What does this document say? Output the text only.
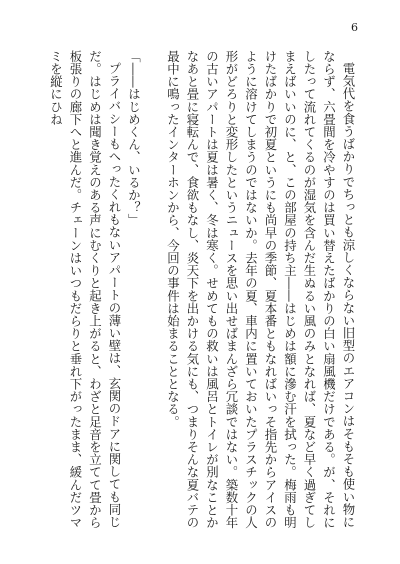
6

電気代を食うばかりでちっとも涼しくならない旧型のエアコンはそもそも使い物にならず、六畳間を冷やすのは買い替えたばかりの白い扇風機だけである。が、それにしたって流れてくるのが湿気を含んだ生ぬるい風のみとなれば、夏など早く過ぎてしまえばいいのに、と、この部屋の持ち主――はじめは額に滲む汗を拭った。梅雨も明けたばかりで初夏というにも尚早の季節、夏本番ともなればいっそ指先からアイスのように溶けてしまうのではないか。去年の夏、車内に置いておいたプラスチックの人形がどろりと変形したというニュースを思い出せばまんざら冗談ではない。築数十年の古いアパートは夏は暑く、冬は寒く。せめてもの救いは風呂とトイレが別なことかなあと畳に寝転んで、食欲もなし、炎天下を出かける気にも、つまりそんな夏バテの最中に鳴ったインターホンから、今回の事件は始まることとなる。

「――はじめくん、いるか？」

プライバシーもへったくれもないアパートの薄い壁は、玄関のドアに関しても同じだ。はじめは聞き覚えのある声にむくりと起き上がると、わざと足音を立てて畳から板張りの廊下へと進んだ。チェーンはいつもだらりと垂れ下がったまま、緩んだツマミを縦にひね
